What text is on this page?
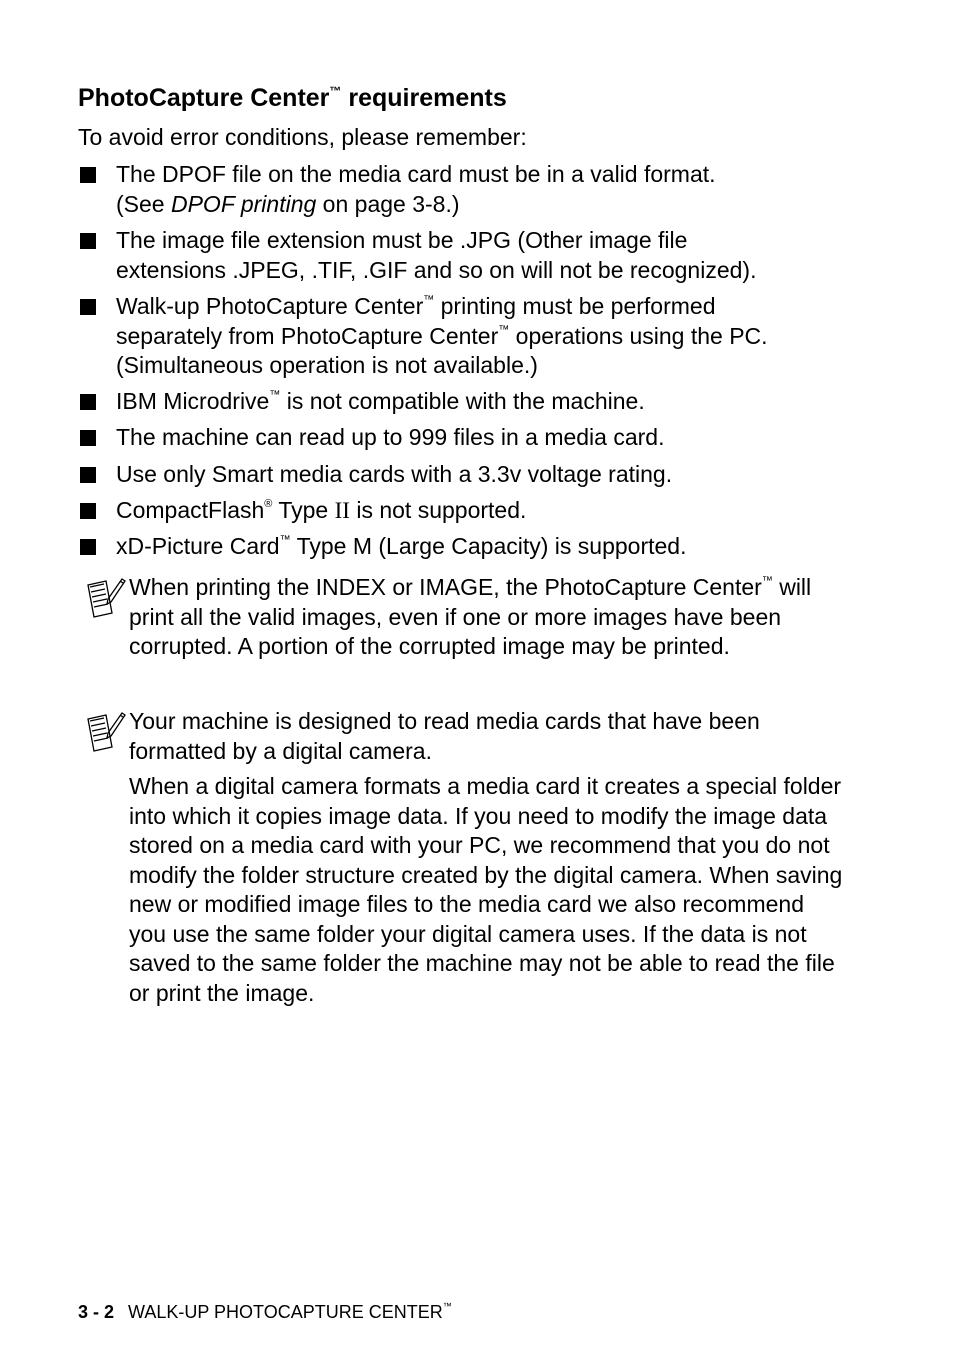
PhotoCapture Center™ requirements

To avoid error conditions, please remember:

The DPOF file on the media card must be in a valid format.
(See DPOF printing on page 3-8.)
The image file extension must be .JPG (Other image file
extensions .JPEG, .TIF, .GIF and so on will not be recognized).
Walk-up PhotoCapture Center™ printing must be performed
separately from PhotoCapture Center™ operations using the PC.
(Simultaneous operation is not available.)
IBM Microdrive™ is not compatible with the machine.
The machine can read up to 999 files in a media card.
Use only Smart media cards with a 3.3v voltage rating.
CompactFlash® Type II is not supported.
xD-Picture Card™ Type M (Large Capacity) is supported.

When printing the INDEX or IMAGE, the PhotoCapture Center™ will print all the valid images, even if one or more images have been corrupted. A portion of the corrupted image may be printed.

Your machine is designed to read media cards that have been formatted by a digital camera.

When a digital camera formats a media card it creates a special folder into which it copies image data. If you need to modify the image data stored on a media card with your PC, we recommend that you do not modify the folder structure created by the digital camera. When saving new or modified image files to the media card we also recommend you use the same folder your digital camera uses. If the data is not saved to the same folder the machine may not be able to read the file or print the image.

3 - 2 WALK-UP PHOTOCAPTURE CENTER™
